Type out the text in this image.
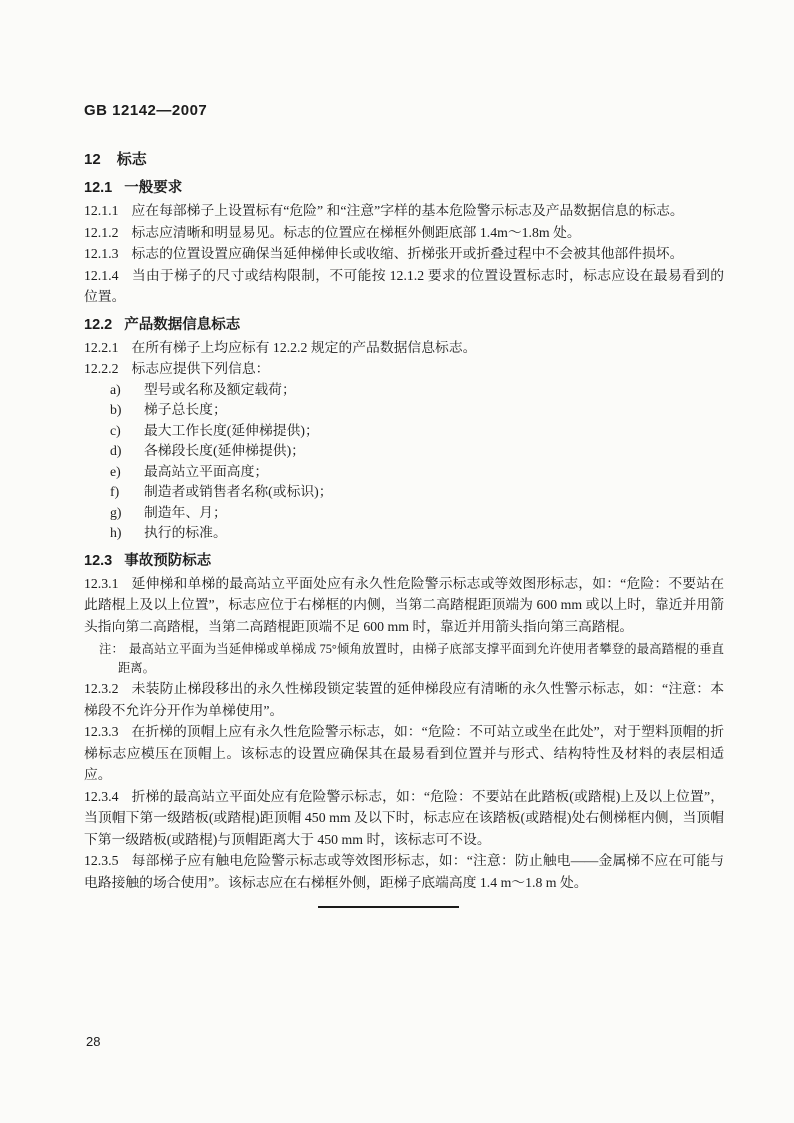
GB 12142—2007
12 标志
12.1 一般要求

12.1.1 应在每部梯子上设置标有“危险” 和“注意”字样的基本危险警示标志及产品数据信息的标志。

12.1.2 标志应清晰和明显易见。标志的位置应在梯框外侧距底部 1.4m～1.8m 处。

12.1.3 标志的位置设置应确保当延伸梯伸长或收缩、折梯张开或折叠过程中不会被其他部件损坏。

12.1.4 当由于梯子的尺寸或结构限制，不可能按 12.1.2 要求的位置设置标志时，标志应设在最易看到的位置。

12.2 产品数据信息标志

12.2.1 在所有梯子上均应标有 12.2.2 规定的产品数据信息标志。

12.2.2 标志应提供下列信息：

a) 型号或名称及额定载荷；
b) 梯子总长度；
c) 最大工作长度(延伸梯提供)；
d) 各梯段长度(延伸梯提供)；
e) 最高站立平面高度；
f) 制造者或销售者名称(或标识)；
g) 制造年、月；
h) 执行的标准。
12.3 事故预防标志

12.3.1 延伸梯和单梯的最高站立平面处应有永久性危险警示标志或等效图形标志，如：“危险：不要站在此踏棍上及以上位置”，标志应位于右梯框的内侧，当第二高踏棍距顶端为 600 mm 或以上时，靠近并用箭头指向第二高踏棍，当第二高踏棍距顶端不足 600 mm 时，靠近并用箭头指向第三高踏棍。

注： 最高站立平面为当延伸梯或单梯成 75°倾角放置时，由梯子底部支撑平面到允许使用者攀登的最高踏棍的垂直距离。

12.3.2 未装防止梯段移出的永久性梯段锁定装置的延伸梯段应有清晰的永久性警示标志，如：“注意：本梯段不允许分开作为单梯使用”。

12.3.3 在折梯的顶帽上应有永久性危险警示标志，如：“危险：不可站立或坐在此处”，对于塑料顶帽的折梯标志应模压在顶帽上。该标志的设置应确保其在最易看到位置并与形式、结构特性及材料的表层相适应。

12.3.4 折梯的最高站立平面处应有危险警示标志，如：“危险：不要站在此踏板(或踏棍)上及以上位置”，当顶帽下第一级踏板(或踏棍)距顶帽 450 mm 及以下时，标志应在该踏板(或踏棍)处右侧梯框内侧，当顶帽下第一级踏板(或踏棍)与顶帽距离大于 450 mm 时，该标志可不设。

12.3.5 每部梯子应有触电危险警示标志或等效图形标志，如：“注意：防止触电——金属梯不应在可能与电路接触的场合使用”。该标志应在右梯框外侧，距梯子底端高度 1.4 m～1.8 m 处。

28
